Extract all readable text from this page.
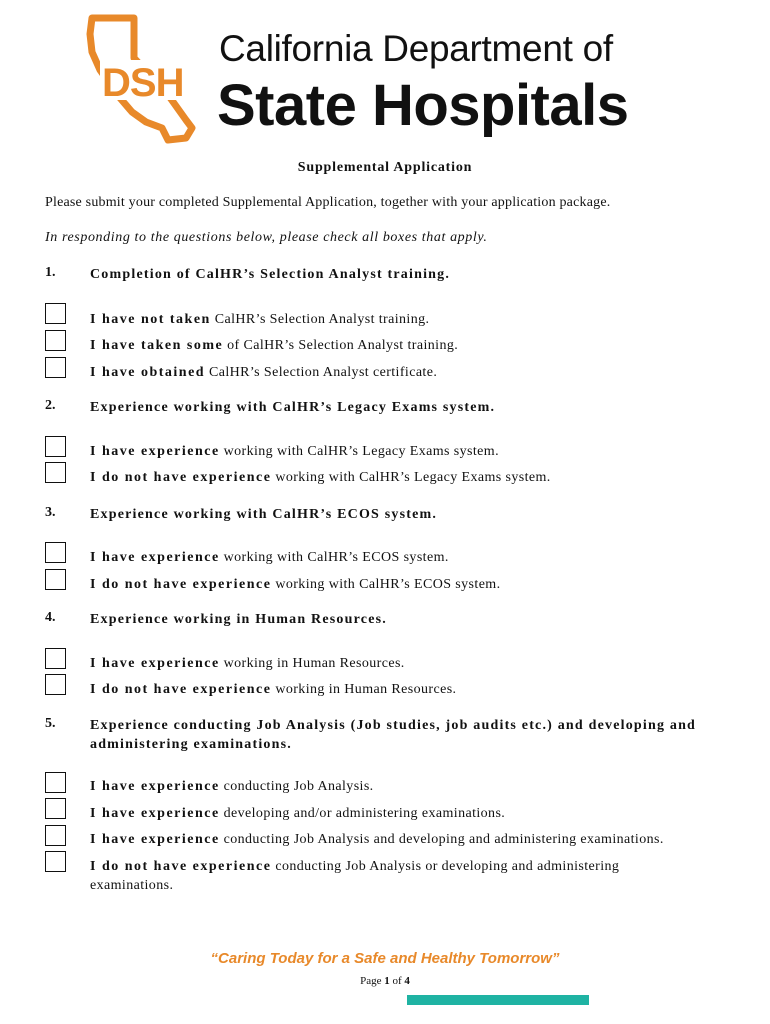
DSH
California Department of
State Hospitals
Supplemental Application
Please submit your completed Supplemental Application, together with your application package.
In responding to the questions below, please check all boxes that apply.
1. Completion of CalHR’s Selection Analyst training.
I have not taken CalHR’s Selection Analyst training.
I have taken some of CalHR’s Selection Analyst training.
I have obtained CalHR’s Selection Analyst certificate.
2. Experience working with CalHR’s Legacy Exams system.
I have experience working with CalHR’s Legacy Exams system.
I do not have experience working with CalHR’s Legacy Exams system.
3. Experience working with CalHR’s ECOS system.
I have experience working with CalHR’s ECOS system.
I do not have experience working with CalHR’s ECOS system.
4. Experience working in Human Resources.
I have experience working in Human Resources.
I do not have experience working in Human Resources.
5. Experience conducting Job Analysis (Job studies, job audits etc.) and developing and administering examinations.
I have experience conducting Job Analysis.
I have experience developing and/or administering examinations.
I have experience conducting Job Analysis and developing and administering examinations.
I do not have experience conducting Job Analysis or developing and administering examinations.
“Caring Today for a Safe and Healthy Tomorrow”
Page 1 of 4
